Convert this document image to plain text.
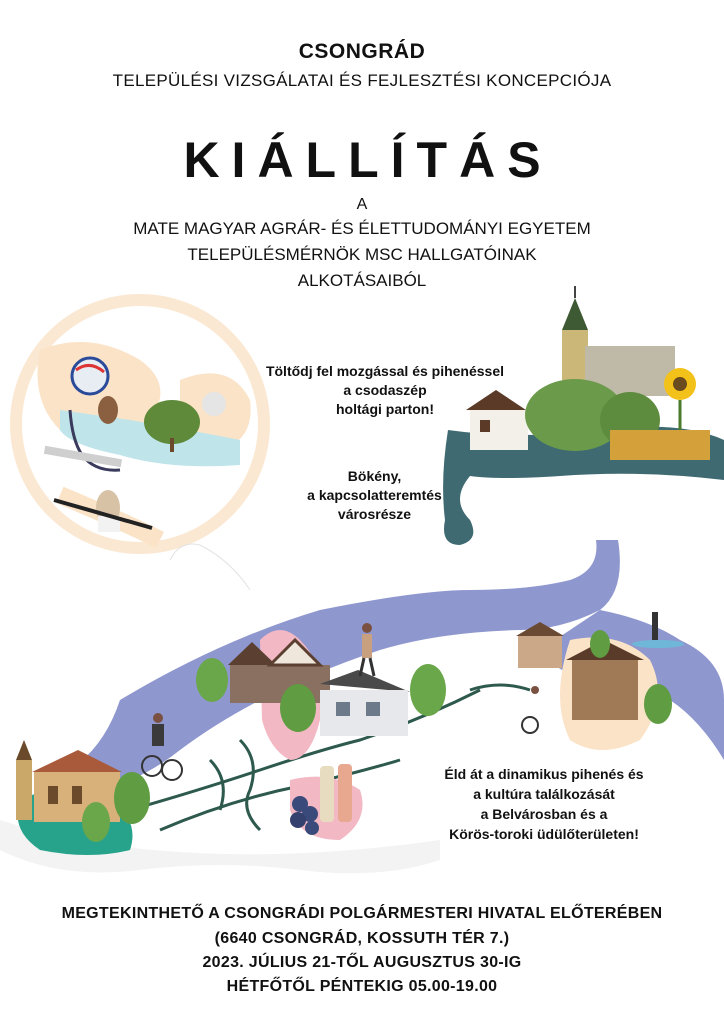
CSONGRÁD
TELEPÜLÉSI VIZSGÁLATAI ÉS FEJLESZTÉSI KONCEPCIÓJA
KIÁLLÍTÁS
A
MATE MAGYAR AGRÁR- ÉS ÉLETTUDOMÁNYI EGYETEM
TELEPÜLÉSMÉRNÖK MSC HALLGATÓINAK
ALKOTÁSAIBÓL
Töltődj fel mozgással és pihenéssel
a csodaszép
holtági parton!
Bökény,
a kapcsolatteremtés
városrésze
Éld át a dinamikus pihenés és
a kultúra találkozását
a Belvárosban és a
Körös-toroki üdülőterületen!
MEGTEKINTHETŐ A CSONGRÁDI POLGÁRMESTERI HIVATAL ELŐTERÉBEN
(6640 CSONGRÁD, KOSSUTH TÉR 7.)
2023. JÚLIUS 21-TŐL AUGUSZTUS 30-IG
HÉTFŐTŐL PÉNTEKIG 05.00-19.00
